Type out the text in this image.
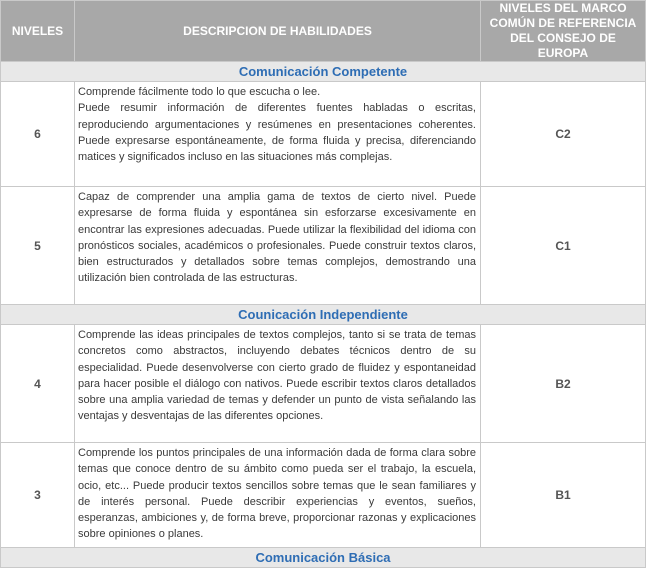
NIVELES	DESCRIPCION DE HABILIDADES	NIVELES DEL MARCO COMÚN DE REFERENCIA DEL CONSEJO DE EUROPA

Comunicación Competente		
6	Comprende fácilmente todo lo que escucha o lee.
Puede resumir información de diferentes fuentes habladas o escritas, reproduciendo argumentaciones y resúmenes en presentaciones coherentes. Puede expresarse espontáneamente, de forma fluida y precisa, diferenciando matices y significados incluso en las situaciones más complejas.	C2
5	Capaz de comprender una amplia gama de textos de cierto nivel. Puede expresarse de forma fluida y espontánea sin esforzarse excesivamente en encontrar las expresiones adecuadas. Puede utilizar la flexibilidad del idioma con pronósticos sociales, académicos o profesionales. Puede construir textos claros, bien estructurados y detallados sobre temas complejos, demostrando una utilización bien controlada de las estructuras.	C1
Counicación Independiente		
4	Comprende las ideas principales de textos complejos, tanto si se trata de temas concretos como abstractos, incluyendo debates técnicos dentro de su especialidad. Puede desenvolverse con cierto grado de fluidez y espontaneidad para hacer posible el diálogo con nativos. Puede escribir textos claros detallados sobre una amplia variedad de temas y defender un punto de vista señalando las ventajas y desventajas de las diferentes opciones.	B2
3	Comprende los puntos principales de una información dada de forma clara sobre temas que conoce dentro de su ámbito como pueda ser el trabajo, la escuela, ocio, etc... Puede producir textos sencillos sobre temas que le sean familiares y de interés personal. Puede describir experiencias y eventos, sueños, esperanzas, ambiciones y, de forma breve, proporcionar razonas y explicaciones sobre opiniones o planes.	B1
Comunicación Básica		
